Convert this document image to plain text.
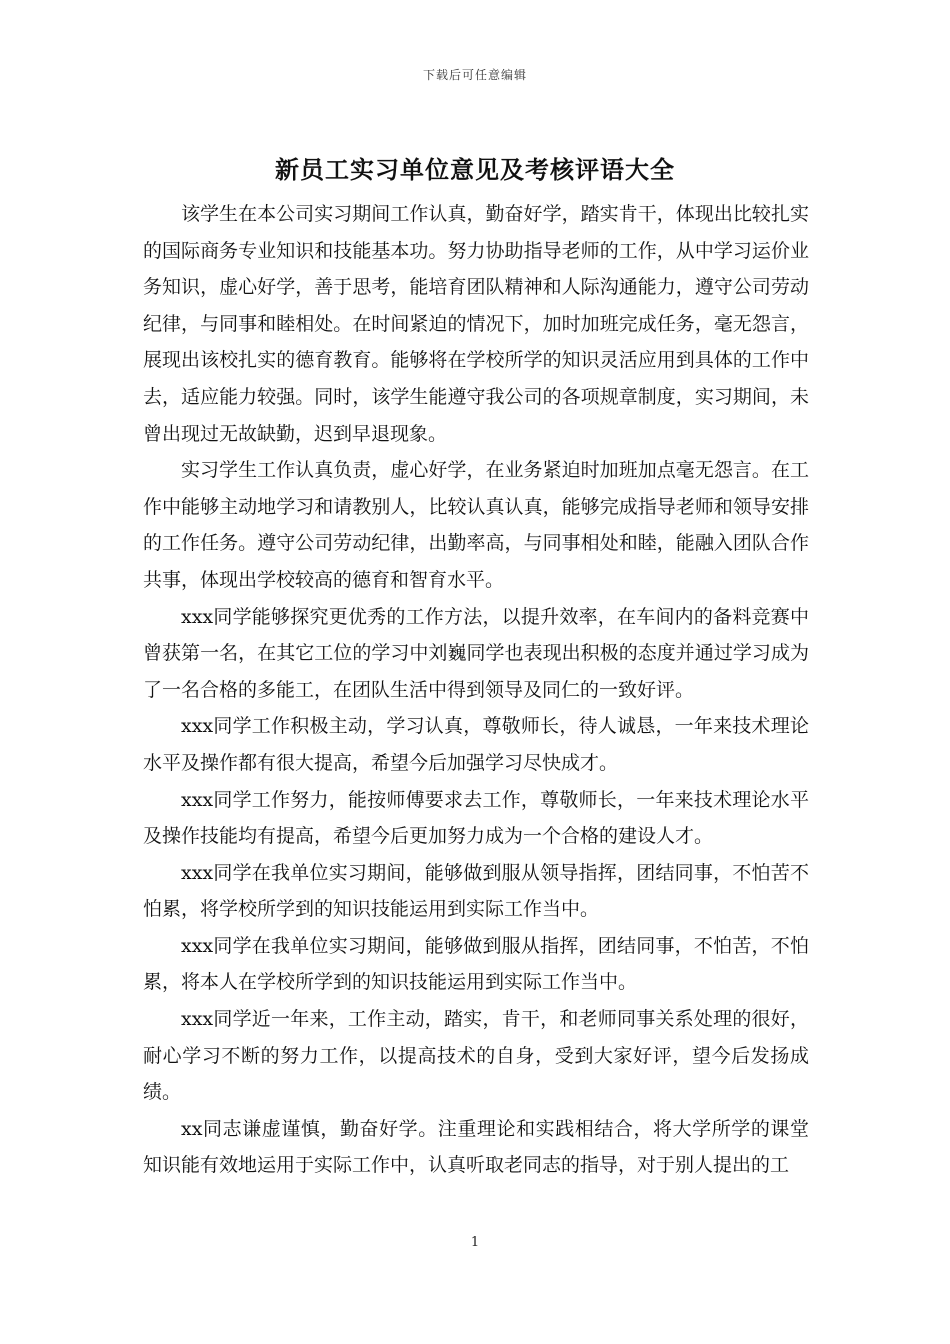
下载后可任意编辑
新员工实习单位意见及考核评语大全

该学生在本公司实习期间工作认真，勤奋好学，踏实肯干，体现出比较扎实的国际商务专业知识和技能基本功。努力协助指导老师的工作，从中学习运价业务知识，虚心好学，善于思考，能培育团队精神和人际沟通能力，遵守公司劳动纪律，与同事和睦相处。在时间紧迫的情况下，加时加班完成任务，毫无怨言，展现出该校扎实的德育教育。能够将在学校所学的知识灵活应用到具体的工作中去，适应能力较强。同时，该学生能遵守我公司的各项规章制度，实习期间，未曾出现过无故缺勤，迟到早退现象。

实习学生工作认真负责，虚心好学，在业务紧迫时加班加点毫无怨言。在工作中能够主动地学习和请教别人，比较认真认真，能够完成指导老师和领导安排的工作任务。遵守公司劳动纪律，出勤率高，与同事相处和睦，能融入团队合作共事，体现出学校较高的德育和智育水平。

xxx同学能够探究更优秀的工作方法，以提升效率，在车间内的备料竞赛中曾获第一名，在其它工位的学习中刘巍同学也表现出积极的态度并通过学习成为了一名合格的多能工，在团队生活中得到领导及同仁的一致好评。

xxx同学工作积极主动，学习认真，尊敬师长，待人诚恳，一年来技术理论水平及操作都有很大提高，希望今后加强学习尽快成才。

xxx同学工作努力，能按师傅要求去工作，尊敬师长，一年来技术理论水平及操作技能均有提高，希望今后更加努力成为一个合格的建设人才。

xxx同学在我单位实习期间，能够做到服从领导指挥，团结同事，不怕苦不怕累，将学校所学到的知识技能运用到实际工作当中。

xxx同学在我单位实习期间，能够做到服从指挥，团结同事，不怕苦，不怕累，将本人在学校所学到的知识技能运用到实际工作当中。

xxx同学近一年来，工作主动，踏实，肯干，和老师同事关系处理的很好，耐心学习不断的努力工作，以提高技术的自身，受到大家好评，望今后发扬成绩。

xx同志谦虚谨慎，勤奋好学。注重理论和实践相结合，将大学所学的课堂知识能有效地运用于实际工作中，认真听取老同志的指导，对于别人提出的工

1
